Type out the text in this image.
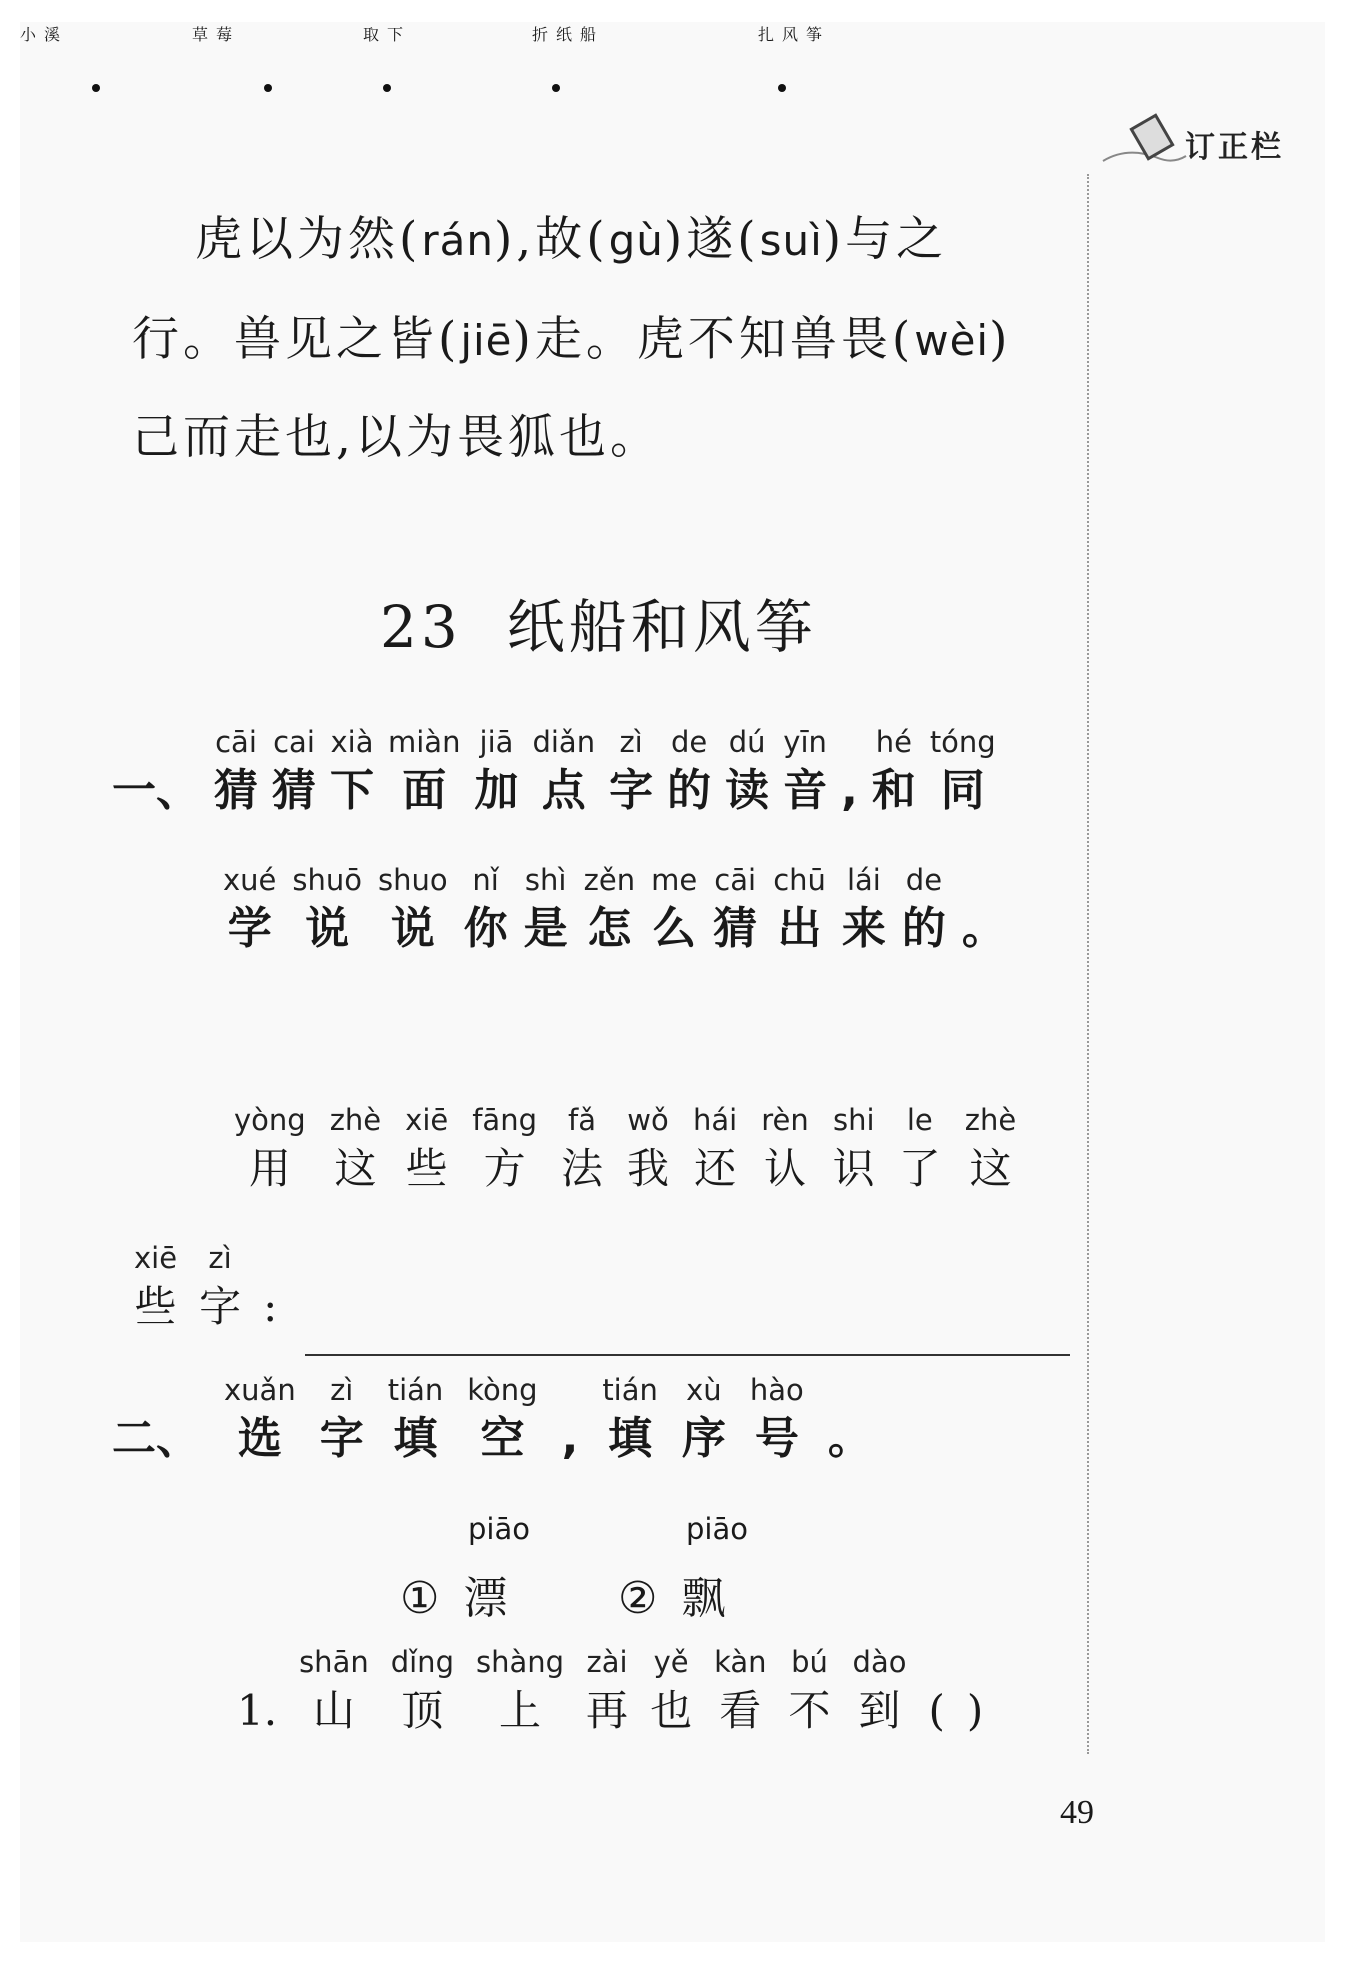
订正栏
虎以为然(rán),故(gù)遂(suì)与之
行。兽见之皆(jiē)走。虎不知兽畏(wèi)
己而走也,以为畏狐也。
23 纸船和风筝
一、
cāi
猜
cai
猜
xià
下
miàn
面
jiā
加
diǎn
点
zì
字
de
的
dú
读
yīn
音 ,
hé
和
tóng
同
xué
学
shuō
说
shuo
说
nǐ
你
shì
是
zěn
怎
me
么
cāi
猜
chū
出
lái
来
de
的 。
小溪	草莓	取下	折纸船	扎风筝
yòng
用
zhè
这
xiē
些
fāng
方
fǎ
法
wǒ
我
hái
还
rèn
认
shi
识
le
了
zhè
这
xiē
些
zì
字 :
二、
xuǎn
选
zì
字
tián
填
kòng
空 ,
tián
填
xù
序
hào
号 。
piāo
① 漂
piāo
② 飘
1.
shān
山
dǐng
顶
shàng
上
zài
再
yě
也
kàn
看
bú
不
dào
到 ( )
49
